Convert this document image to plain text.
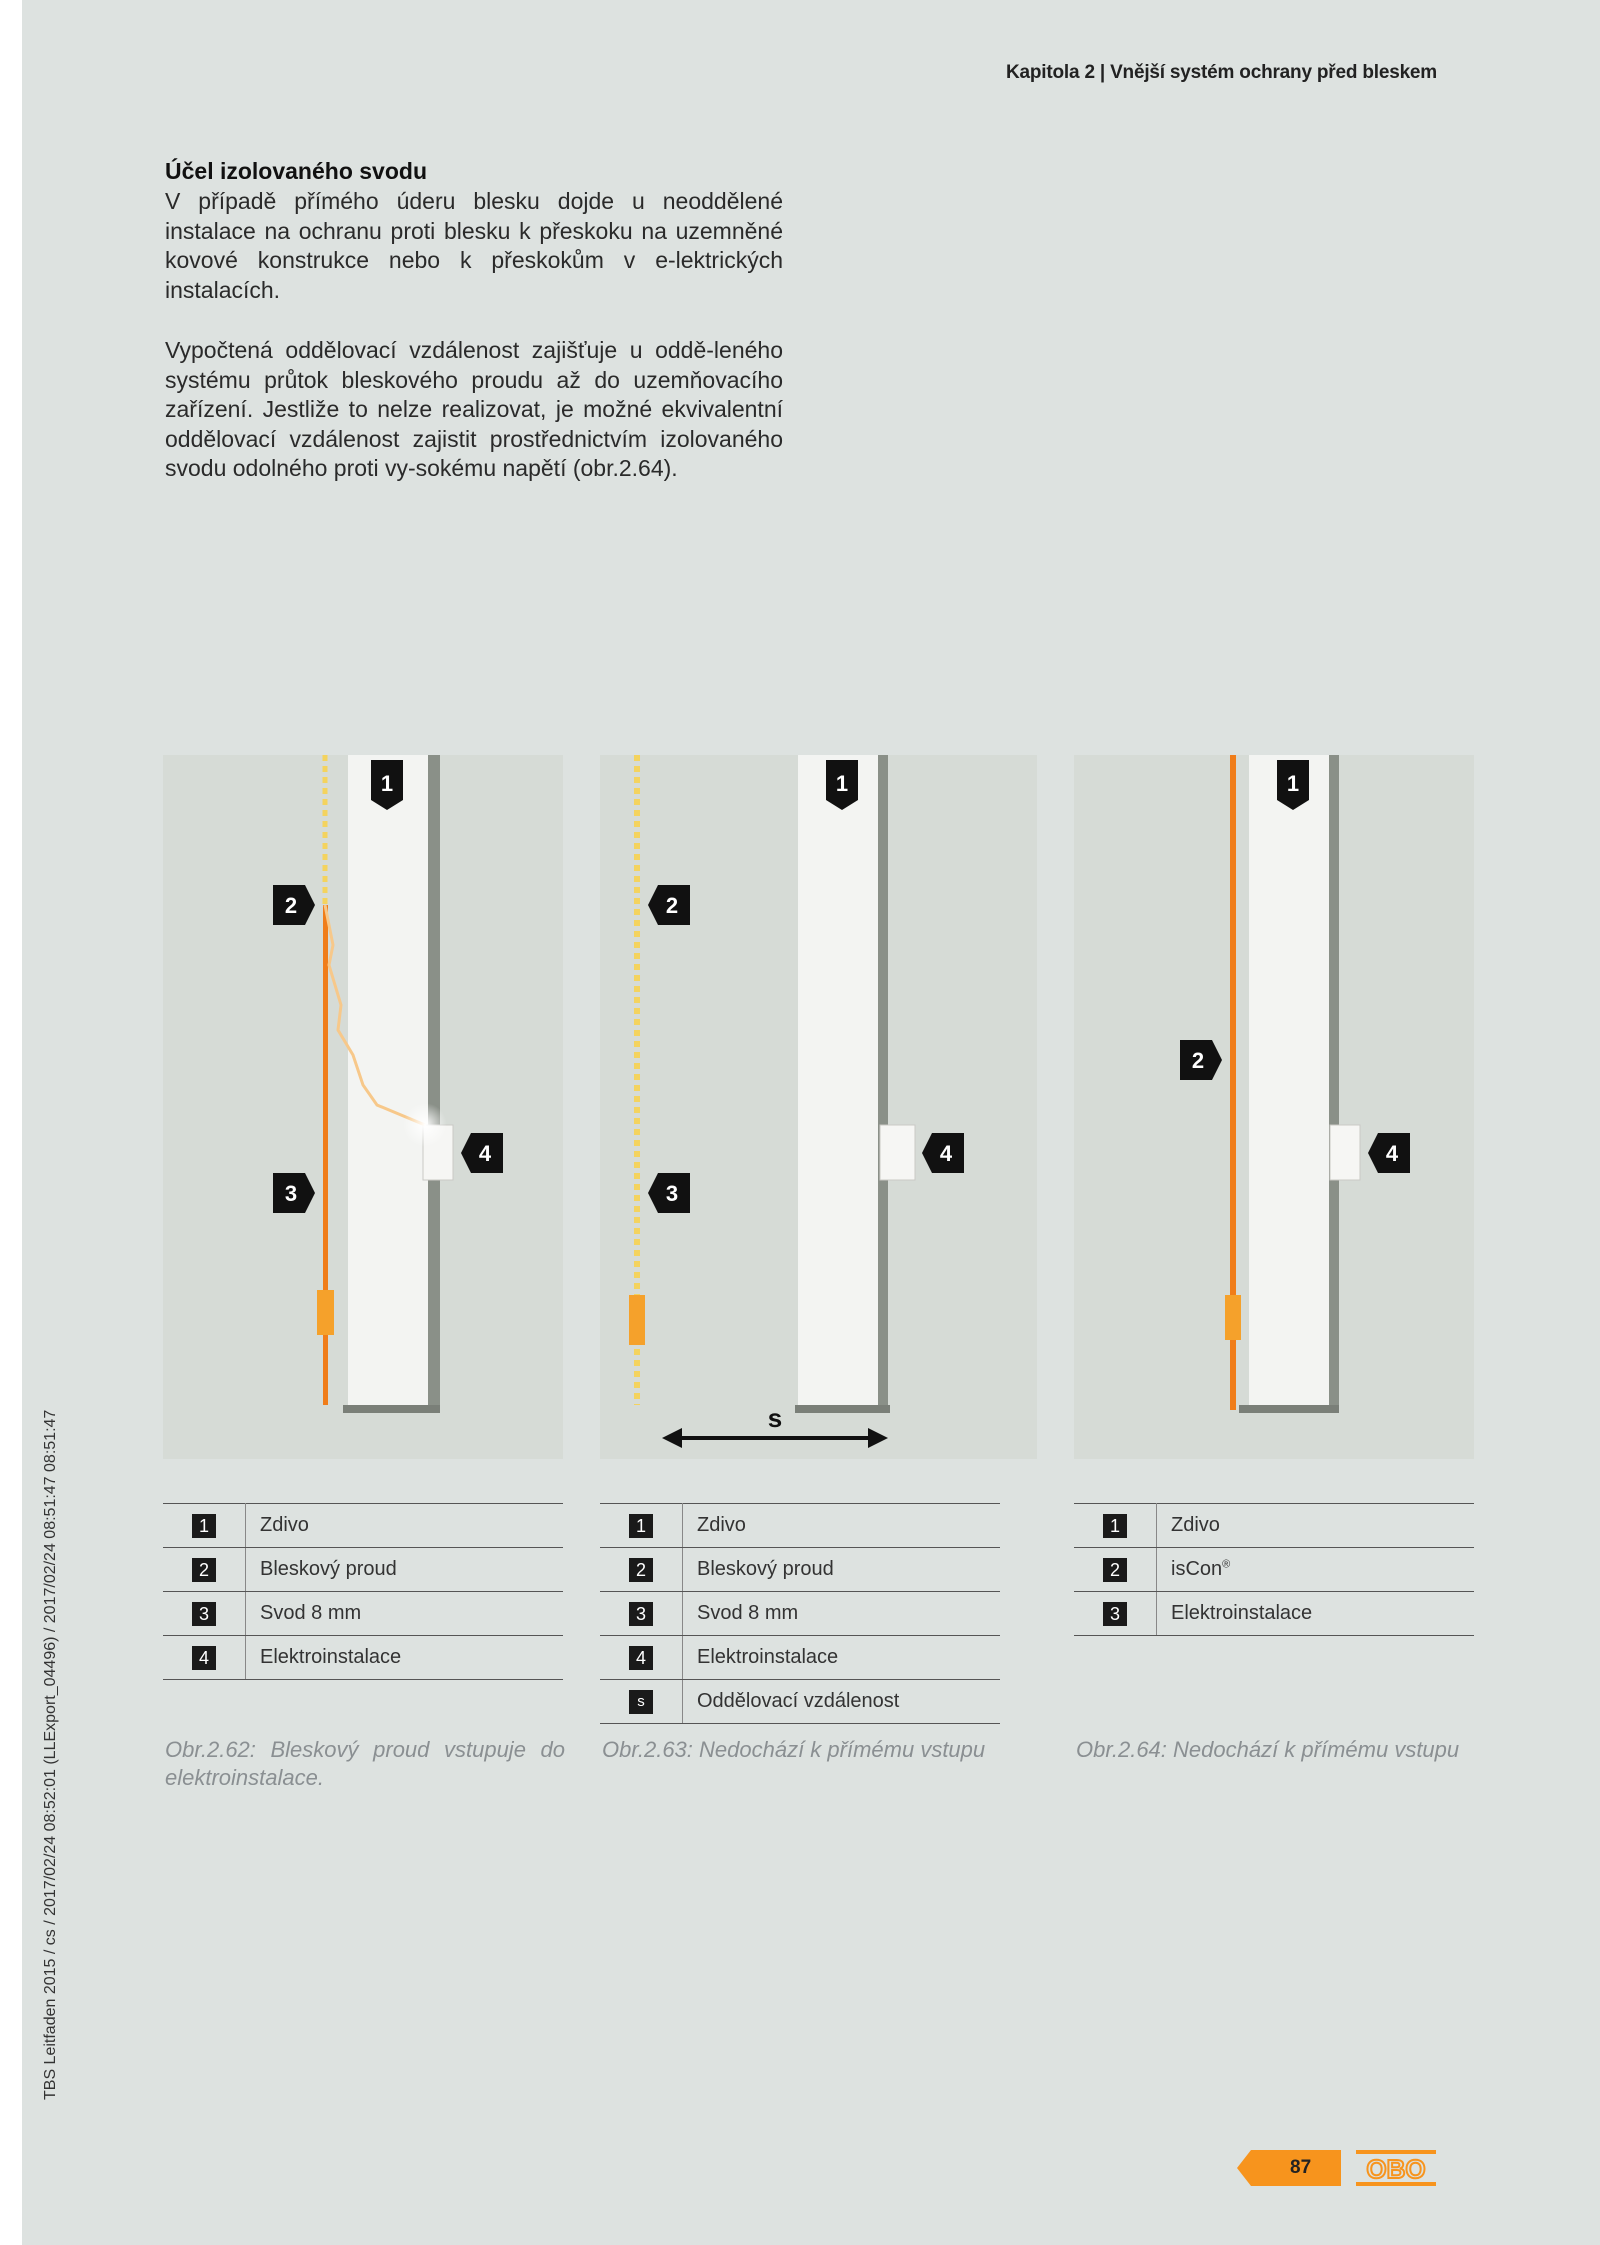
Kapitola 2 | Vnější systém ochrany před bleskem
Účel izolovaného svodu

V případě přímého úderu blesku dojde u neoddělené instalace na ochranu proti blesku k přeskoku na uzemněné kovové konstrukce nebo k přeskokům v e-lektrických instalacích.

Vypočtená oddělovací vzdálenost zajišťuje u oddě-leného systému průtok bleskového proudu až do uzemňovacího zařízení. Jestliže to nelze realizovat, je možné ekvivalentní oddělovací vzdálenost zajistit prostřednictvím izolovaného svodu odolného proti vy-sokému napětí (obr.2.64).

1
2
3
4
s
1
2
3
4
1
2
4
1	Zdivo
2	Bleskový proud
3	Svod 8 mm
4	Elektroinstalace
1	Zdivo
2	Bleskový proud
3	Svod 8 mm
4	Elektroinstalace
s	Oddělovací vzdálenost
1	Zdivo
2	isCon®
3	Elektroinstalace
Obr.2.62: Bleskový proud vstupuje do elektroinstalace.
Obr.2.63: Nedochází k přímému vstupu	Obr.2.64: Nedochází k přímému vstupu
TBS Leitfaden 2015 / cs / 2017/02/24 08:52:01 (LLExport_04496) / 2017/02/24 08:51:47 08:51:47
87 OBO
